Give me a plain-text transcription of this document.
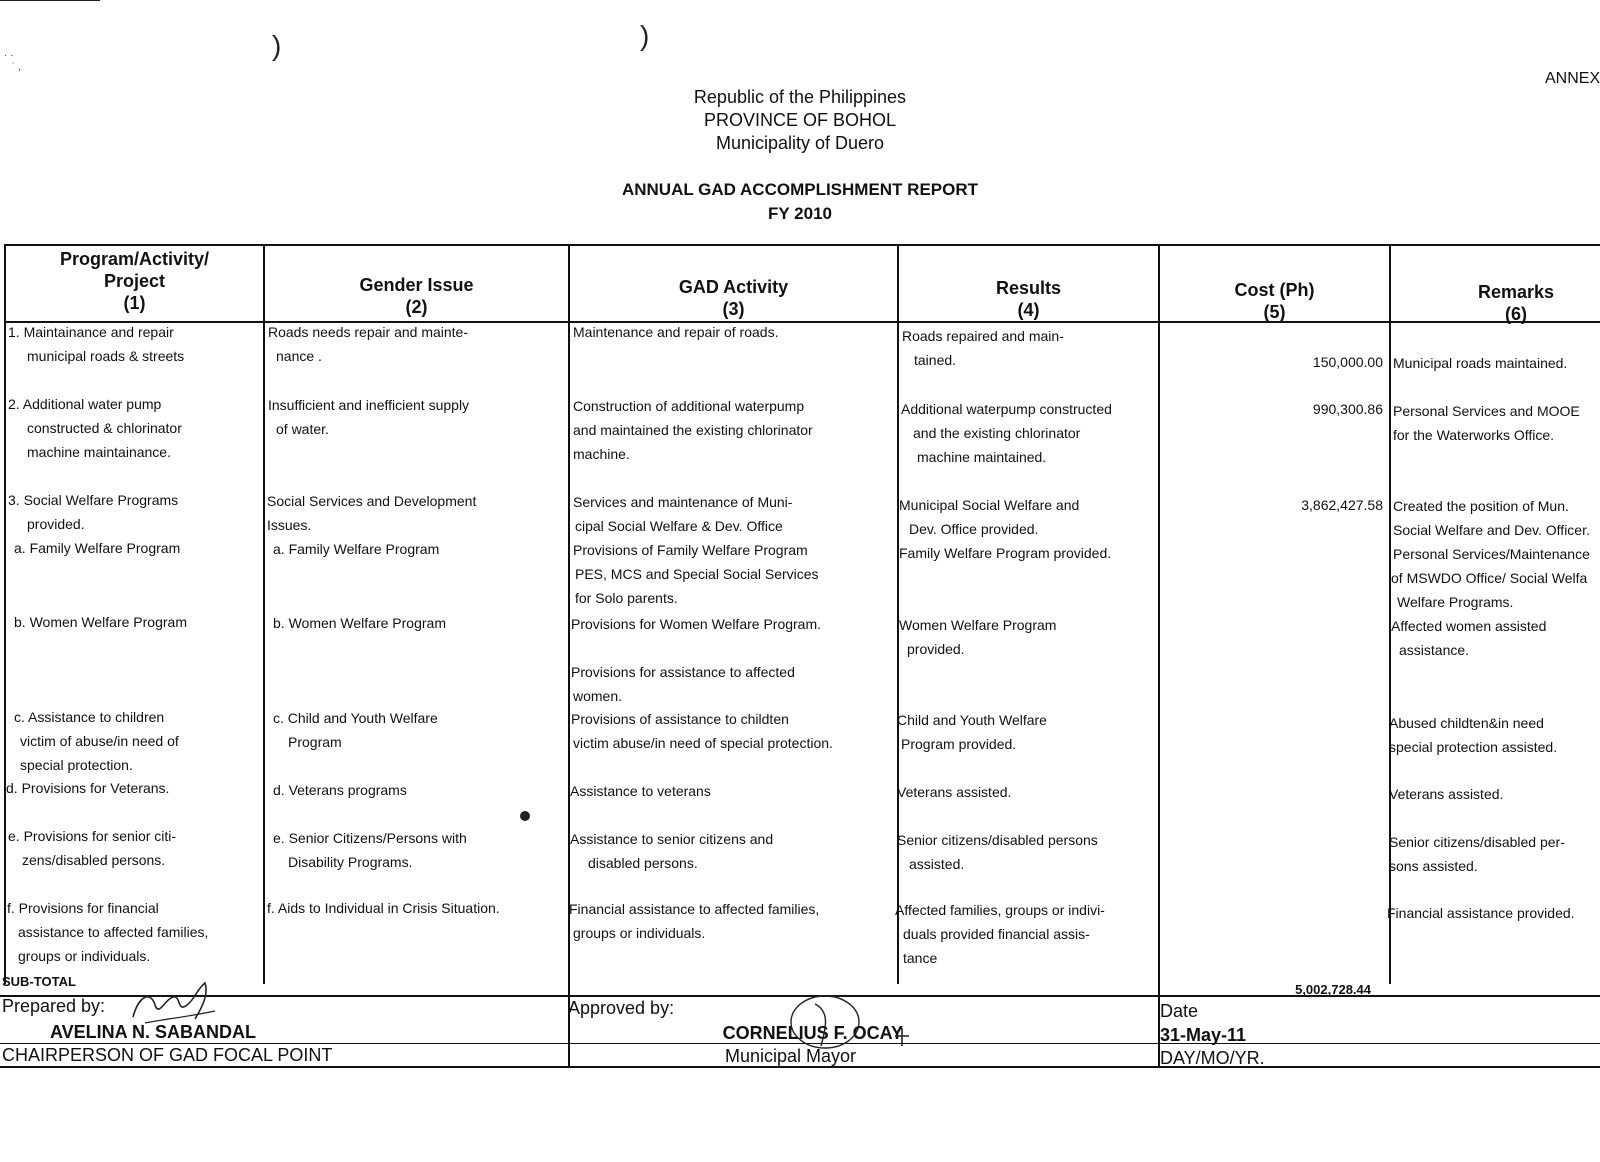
)	)
· ·
˙ ,
ANNEX
Republic of the Philippines
PROVINCE OF BOHOL
Municipality of Duero
ANNUAL GAD ACCOMPLISHMENT REPORT
FY 2010
Program/Activity/ Project
(1)
Gender Issue
(2)
GAD Activity
(3)
Results
(4)
Cost (Ph)
(5)
Remarks
(6)
1. Maintainance and repair
municipal roads & streets
2. Additional water pump
constructed & chlorinator
machine maintainance.
3. Social Welfare Programs
provided.
a. Family Welfare Program
b. Women Welfare Program
c. Assistance to children
victim of abuse/in need of
special protection.
d. Provisions for Veterans.
e. Provisions for senior citi-
zens/disabled persons.
f. Provisions for financial
assistance to affected families,
groups or individuals.
Roads needs repair and mainte-
nance .
Insufficient and inefficient supply
of water.
Social Services and Development
Issues.
a. Family Welfare Program
b. Women Welfare Program
c. Child and Youth Welfare
Program
d. Veterans programs
e. Senior Citizens/Persons with
Disability Programs.
f. Aids to Individual in Crisis Situation.
Maintenance and repair of roads.
Construction of additional waterpump
and maintained the existing chlorinator
machine.
Services and maintenance of Muni-
cipal Social Welfare & Dev. Office
Provisions of Family Welfare Program
PES, MCS and Special Social Services
for Solo parents.
Provisions for Women Welfare Program.
Provisions for assistance to affected
women.
Provisions of assistance to childten
victim abuse/in need of special protection.
Assistance to veterans
Assistance to senior citizens and
disabled persons.
Financial assistance to affected families,
groups or individuals.
Roads repaired and main-
tained.
Additional waterpump constructed
and the existing chlorinator
machine maintained.
Municipal Social Welfare and
Dev. Office provided.
Family Welfare Program provided.
Women Welfare Program
provided.
Child and Youth Welfare
Program provided.
Veterans assisted.
Senior citizens/disabled persons
assisted.
Affected families, groups or indivi-
duals provided financial assis-
tance
150,000.00
990,300.86
3,862,427.58
Municipal roads maintained.
Personal Services and MOOE
for the Waterworks Office.
Created the position of Mun.
Social Welfare and Dev. Officer.
Personal Services/Maintenance
of MSWDO Office/ Social Welfa
Welfare Programs.
Affected women assisted
assistance.
Abused childten&in need
special protection assisted.
Veterans assisted.
Senior citizens/disabled per-
sons assisted.
Financial assistance provided.
SUB-TOTAL
5,002,728.44
Prepared by:
AVELINA N. SABANDAL
CHAIRPERSON OF GAD FOCAL POINT
Approved by:
CORNELIUS F. OCAY
Municipal Mayor
Date
31-May-11
DAY/MO/YR.
